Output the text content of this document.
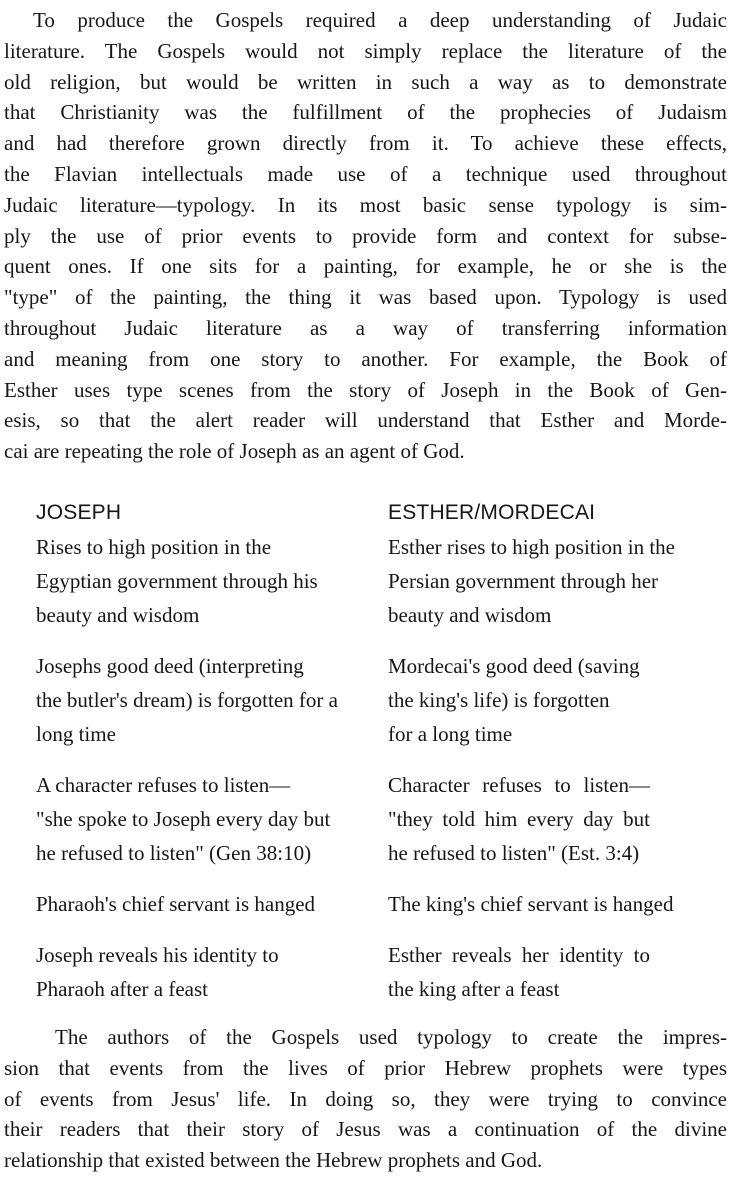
To produce the Gospels required a deep understanding of Judaic
literature. The Gospels would not simply replace the literature of the
old religion, but would be written in such a way as to demonstrate
that Christianity was the fulfillment of the prophecies of Judaism
and had therefore grown directly from it. To achieve these effects,
the Flavian intellectuals made use of a technique used throughout
Judaic literature—typology. In its most basic sense typology is sim-
ply the use of prior events to provide form and context for subse-
quent ones. If one sits for a painting, for example, he or she is the
"type" of the painting, the thing it was based upon. Typology is used
throughout Judaic literature as a way of transferring information
and meaning from one story to another. For example, the Book of
Esther uses type scenes from the story of Joseph in the Book of Gen-
esis, so that the alert reader will understand that Esther and Morde-
cai are repeating the role of Joseph as an agent of God.
JOSEPH	ESTHER/MORDECAI
Rises to high position in the
Egyptian government through his
beauty and wisdom
Esther rises to high position in the
Persian government through her
beauty and wisdom
Josephs good deed (interpreting
the butler's dream) is forgotten for a
long time
Mordecai's good deed (saving
the king's life) is forgotten
for a long time
A character refuses to listen—
"she spoke to Joseph every day but
he refused to listen" (Gen 38:10)
Character refuses to listen—
"they told him every day but
he refused to listen" (Est. 3:4)
Pharaoh's chief servant is hanged	The king's chief servant is hanged
Joseph reveals his identity to
Pharaoh after a feast
Esther reveals her identity to
the king after a feast
The authors of the Gospels used typology to create the impres-
sion that events from the lives of prior Hebrew prophets were types
of events from Jesus' life. In doing so, they were trying to convince
their readers that their story of Jesus was a continuation of the divine
relationship that existed between the Hebrew prophets and God.
